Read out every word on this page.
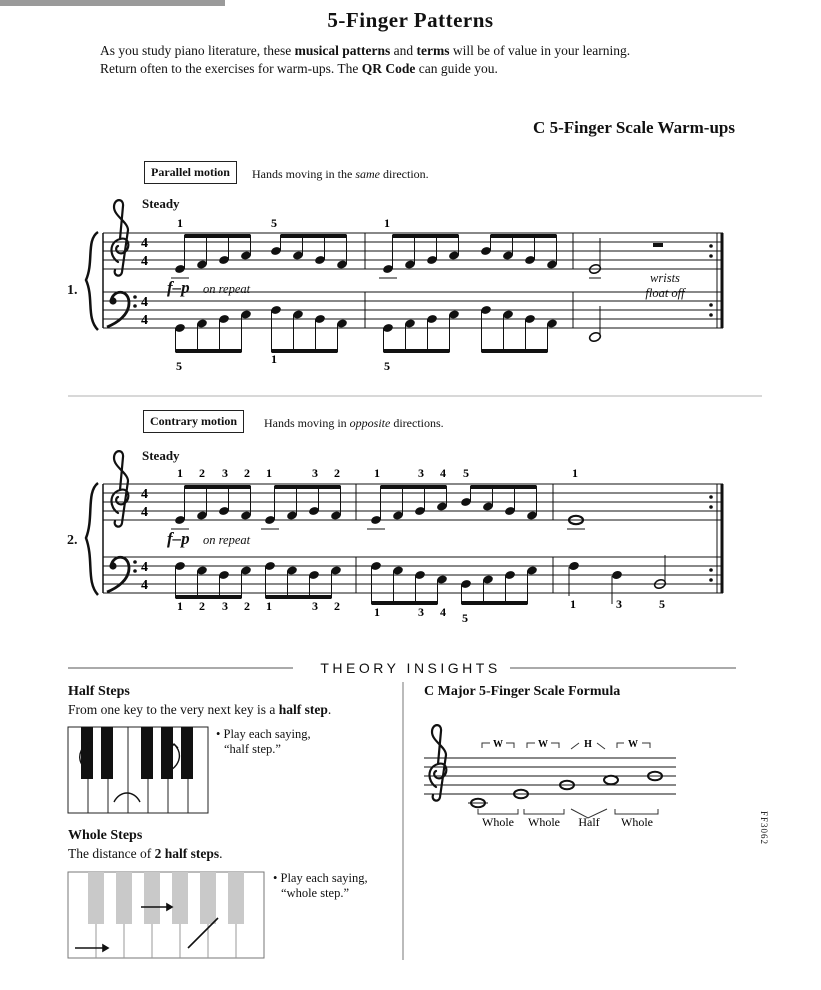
5-Finger Patterns
As you study piano literature, these musical patterns and terms will be of value in your learning.
Return often to the exercises for warm-ups. The QR Code can guide you.
C 5-Finger Scale Warm-ups
Parallel motion	Hands moving in the same direction.
Steady
1.	f–p on repeat
wrists
float off
Contrary motion	Hands moving in opposite directions.
Steady
2.	f–p on repeat
THEORY INSIGHTS
Half Steps
From one key to the very next key is a half step.
• Play each saying,
“half step.”
Whole Steps
The distance of 2 half steps.
• Play each saying,
“whole step.”
C Major 5-Finger Scale Formula
FF3062
4
4
4
4
1	5	1
5	1	5
4
4
4
4
1 2 3 2 1	3 2	1	3 4 5	1
1 2 3 2 1	3 2	1	3 4 5
1	3	5
W	W	H	W
Whole Whole Half Whole
